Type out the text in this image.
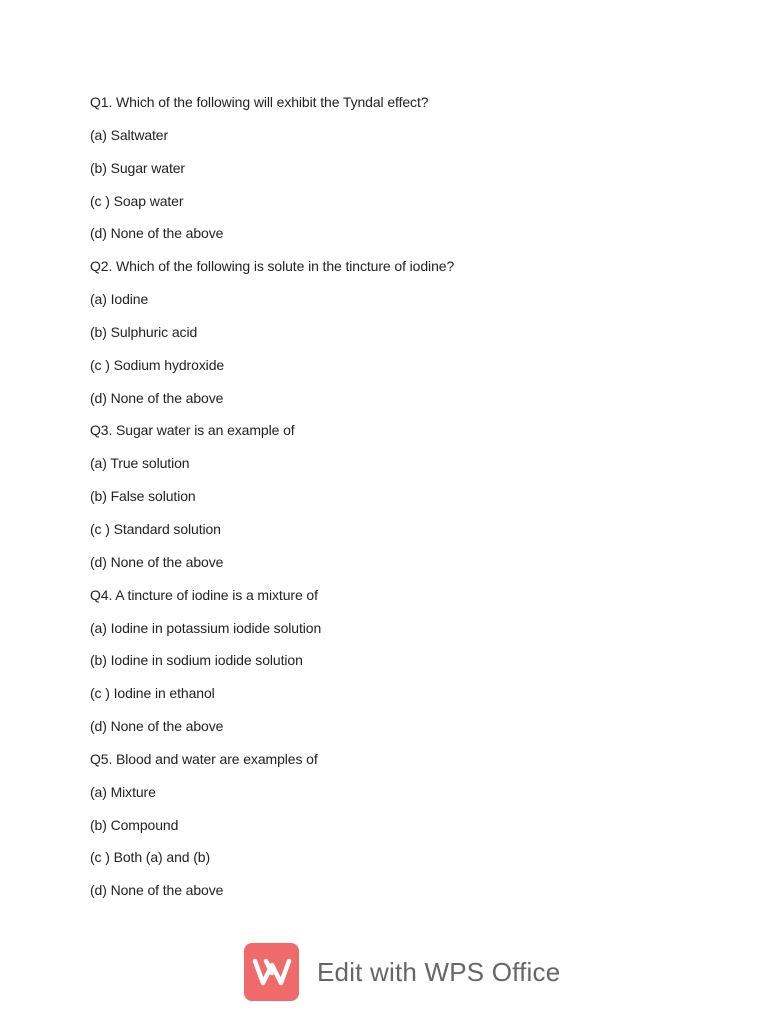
Q1. Which of the following will exhibit the Tyndal effect?
(a) Saltwater
(b) Sugar water
(c ) Soap water
(d) None of the above
Q2. Which of the following is solute in the tincture of iodine?
(a) Iodine
(b) Sulphuric acid
(c ) Sodium hydroxide
(d) None of the above
Q3. Sugar water is an example of
(a) True solution
(b) False solution
(c ) Standard solution
(d) None of the above
Q4. A tincture of iodine is a mixture of
(a) Iodine in potassium iodide solution
(b) Iodine in sodium iodide solution
(c ) Iodine in ethanol
(d) None of the above
Q5. Blood and water are examples of
(a) Mixture
(b) Compound
(c ) Both (a) and (b)
(d) None of the above
Edit with WPS Office
